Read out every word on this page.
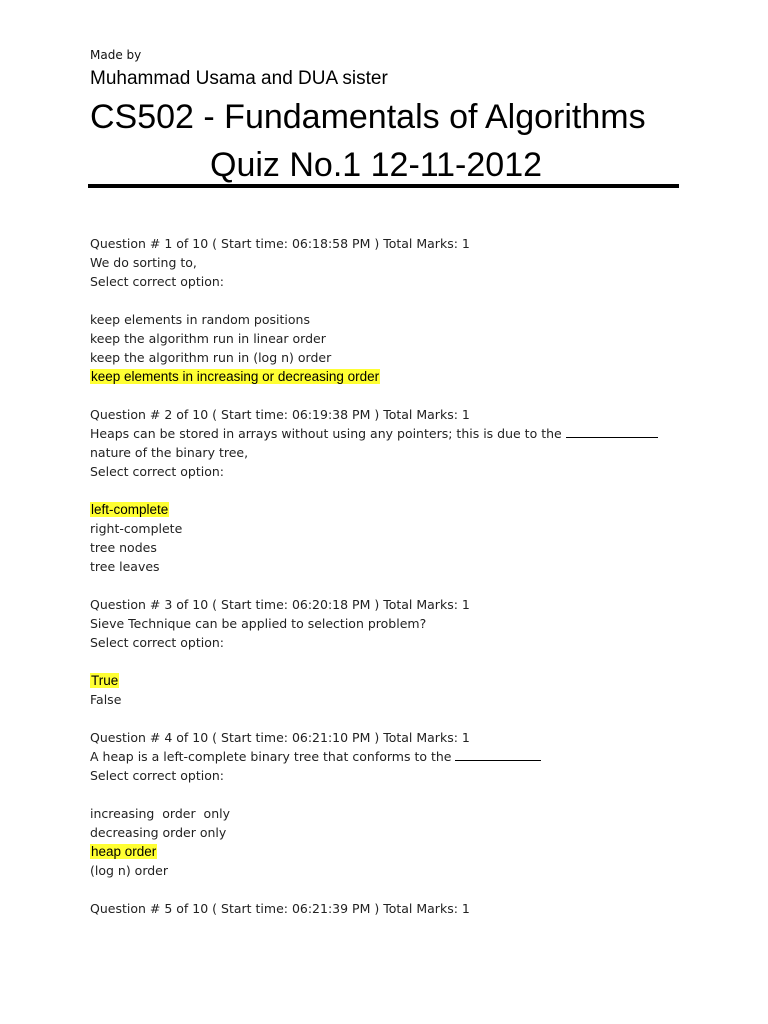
Made by
Muhammad Usama and DUA sister
CS502 - Fundamentals of Algorithms
Quiz No.1 12-11-2012
Question # 1 of 10 ( Start time: 06:18:58 PM ) Total Marks: 1
We do sorting to,
Select correct option:
keep elements in random positions
keep the algorithm run in linear order
keep the algorithm run in (log n) order
keep elements in increasing or decreasing order
Question # 2 of 10 ( Start time: 06:19:38 PM ) Total Marks: 1
Heaps can be stored in arrays without using any pointers; this is due to the
nature of the binary tree,
Select correct option:
left-complete
right-complete
tree nodes
tree leaves
Question # 3 of 10 ( Start time: 06:20:18 PM ) Total Marks: 1
Sieve Technique can be applied to selection problem?
Select correct option:
True
False
Question # 4 of 10 ( Start time: 06:21:10 PM ) Total Marks: 1
A heap is a left-complete binary tree that conforms to the
Select correct option:
increasing  order  only
decreasing order only
heap order
(log n) order
Question # 5 of 10 ( Start time: 06:21:39 PM ) Total Marks: 1
